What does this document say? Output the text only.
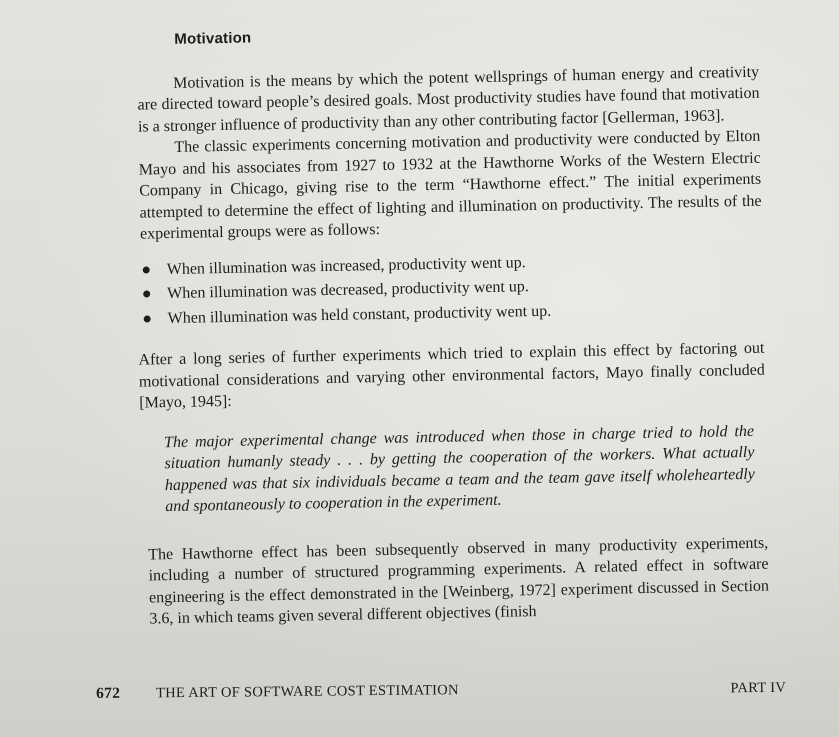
Motivation

Motivation is the means by which the potent wellsprings of human energy and creativity are directed toward people’s desired goals. Most productivity studies have found that motivation is a stronger influence of productivity than any other contributing factor [Gellerman, 1963].

The classic experiments concerning motivation and productivity were conducted by Elton Mayo and his associates from 1927 to 1932 at the Hawthorne Works of the Western Electric Company in Chicago, giving rise to the term “Hawthorne effect.” The initial experiments attempted to determine the effect of lighting and illumination on productivity. The results of the experimental groups were as follows:

When illumination was increased, productivity went up.
When illumination was decreased, productivity went up.
When illumination was held constant, productivity went up.

After a long series of further experiments which tried to explain this effect by factoring out motivational considerations and varying other environmental factors, Mayo finally concluded [Mayo, 1945]:

The major experimental change was introduced when those in charge tried to hold the situation humanly steady . . . by getting the cooperation of the workers. What actually happened was that six individuals became a team and the team gave itself wholeheartedly and spontaneously to cooperation in the experiment.

The Hawthorne effect has been subsequently observed in many productivity experiments, including a number of structured programming experiments. A related effect in software engineering is the effect demonstrated in the [Weinberg, 1972] experiment discussed in Section 3.6, in which teams given several different objectives (finish

672 THE ART OF SOFTWARE COST ESTIMATION	PART IV
